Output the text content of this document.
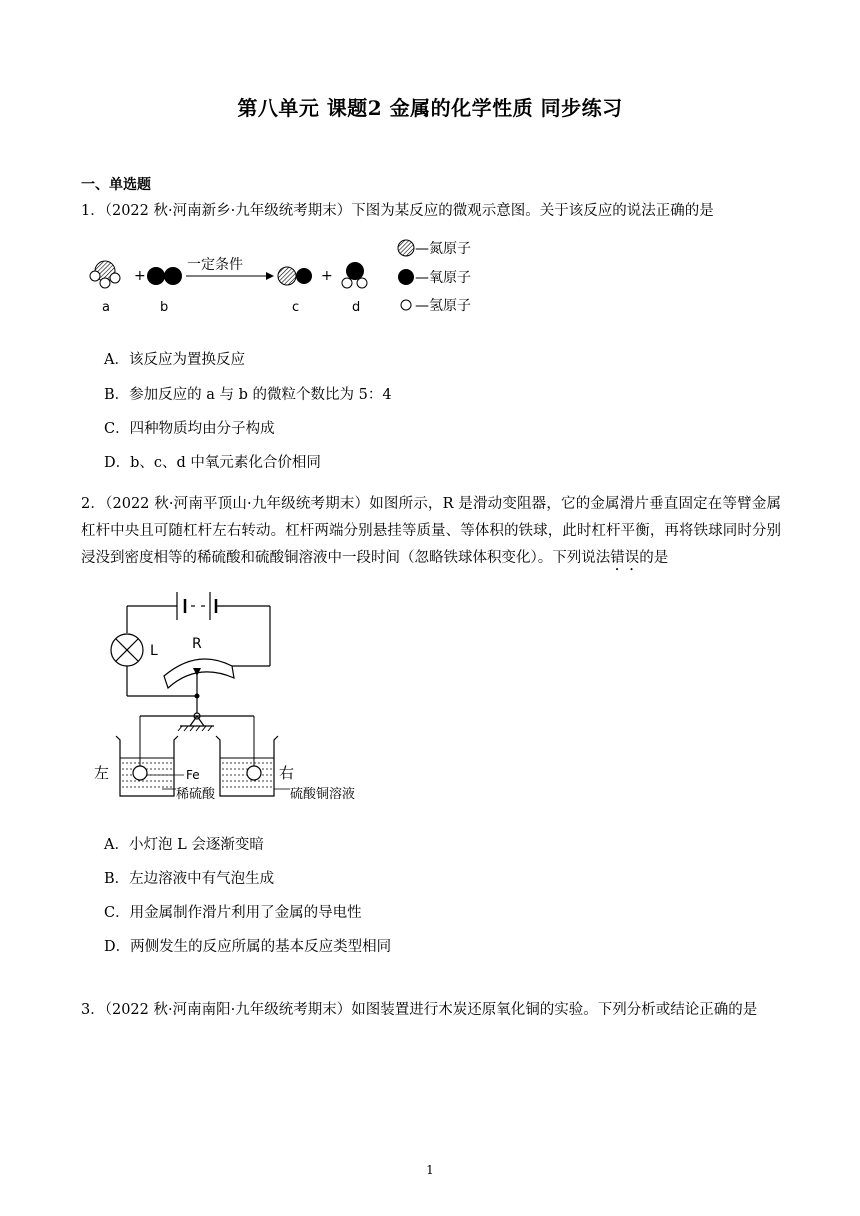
第八单元 课题2 金属的化学性质 同步练习
一、单选题
1．（2022 秋·河南新乡·九年级统考期末）下图为某反应的微观示意图。关于该反应的说法正确的是
+
一定条件
+
a	b	c	d
—氮原子
—氧原子
—氢原子
A．该反应为置换反应
B．参加反应的 a 与 b 的微粒个数比为 5：4
C．四种物质均由分子构成
D．b、c、d 中氧元素化合价相同
2．（2022 秋·河南平顶山·九年级统考期末）如图所示，R 是滑动变阻器，它的金属滑片垂直固定在等臂金属杠杆中央且可随杠杆左右转动。杠杆两端分别悬挂等质量、等体积的铁球，此时杠杆平衡，再将铁球同时分别浸没到密度相等的稀硫酸和硫酸铜溶液中一段时间（忽略铁球体积变化）。下列说法错误的是
L R
左	右
Fe
稀硫酸	硫酸铜溶液
A．小灯泡 L 会逐渐变暗
B．左边溶液中有气泡生成
C．用金属制作滑片利用了金属的导电性
D．两侧发生的反应所属的基本反应类型相同
3．（2022 秋·河南南阳·九年级统考期末）如图装置进行木炭还原氧化铜的实验。下列分析或结论正确的是
1
